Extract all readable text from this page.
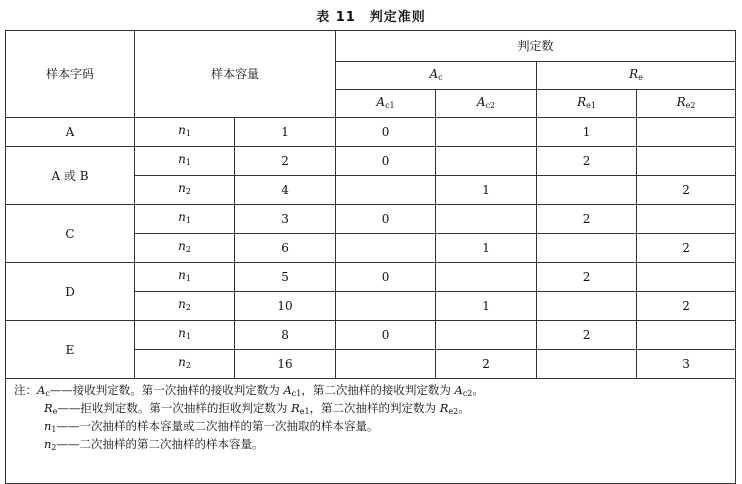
表 11　判定准则
样本字码	样本容量		判定数			
			$A_c$		$R_e$
			$A_{c1}$	$A_{c2}$	$R_{e1}$	$R_{e2}$
A	$n_1$	1	0		1	
A 或 B	$n_1$	2	0		2	
	$n_2$	4		1		2
C	$n_1$	3	0		2	
	$n_2$	6		1		2
D	$n_1$	5	0		2	
	$n_2$	10		1		2
E	$n_1$	8	0		2	
	$n_2$	16		2		3

注：$A_c——$接收判定数。第一次抽样的接收判定数为 $A_{c1}$，第二次抽样的接收判定数为 $A_{c2}$。
$R_e——$拒收判定数。第一次抽样的拒收判定数为 $R_{e1}$，第二次抽样的判定数为 $R_{e2}$。
$n_1——$一次抽样的样本容量或二次抽样的第一次抽取的样本容量。
$n_2——$二次抽样的第二次抽样的样本容量。						
